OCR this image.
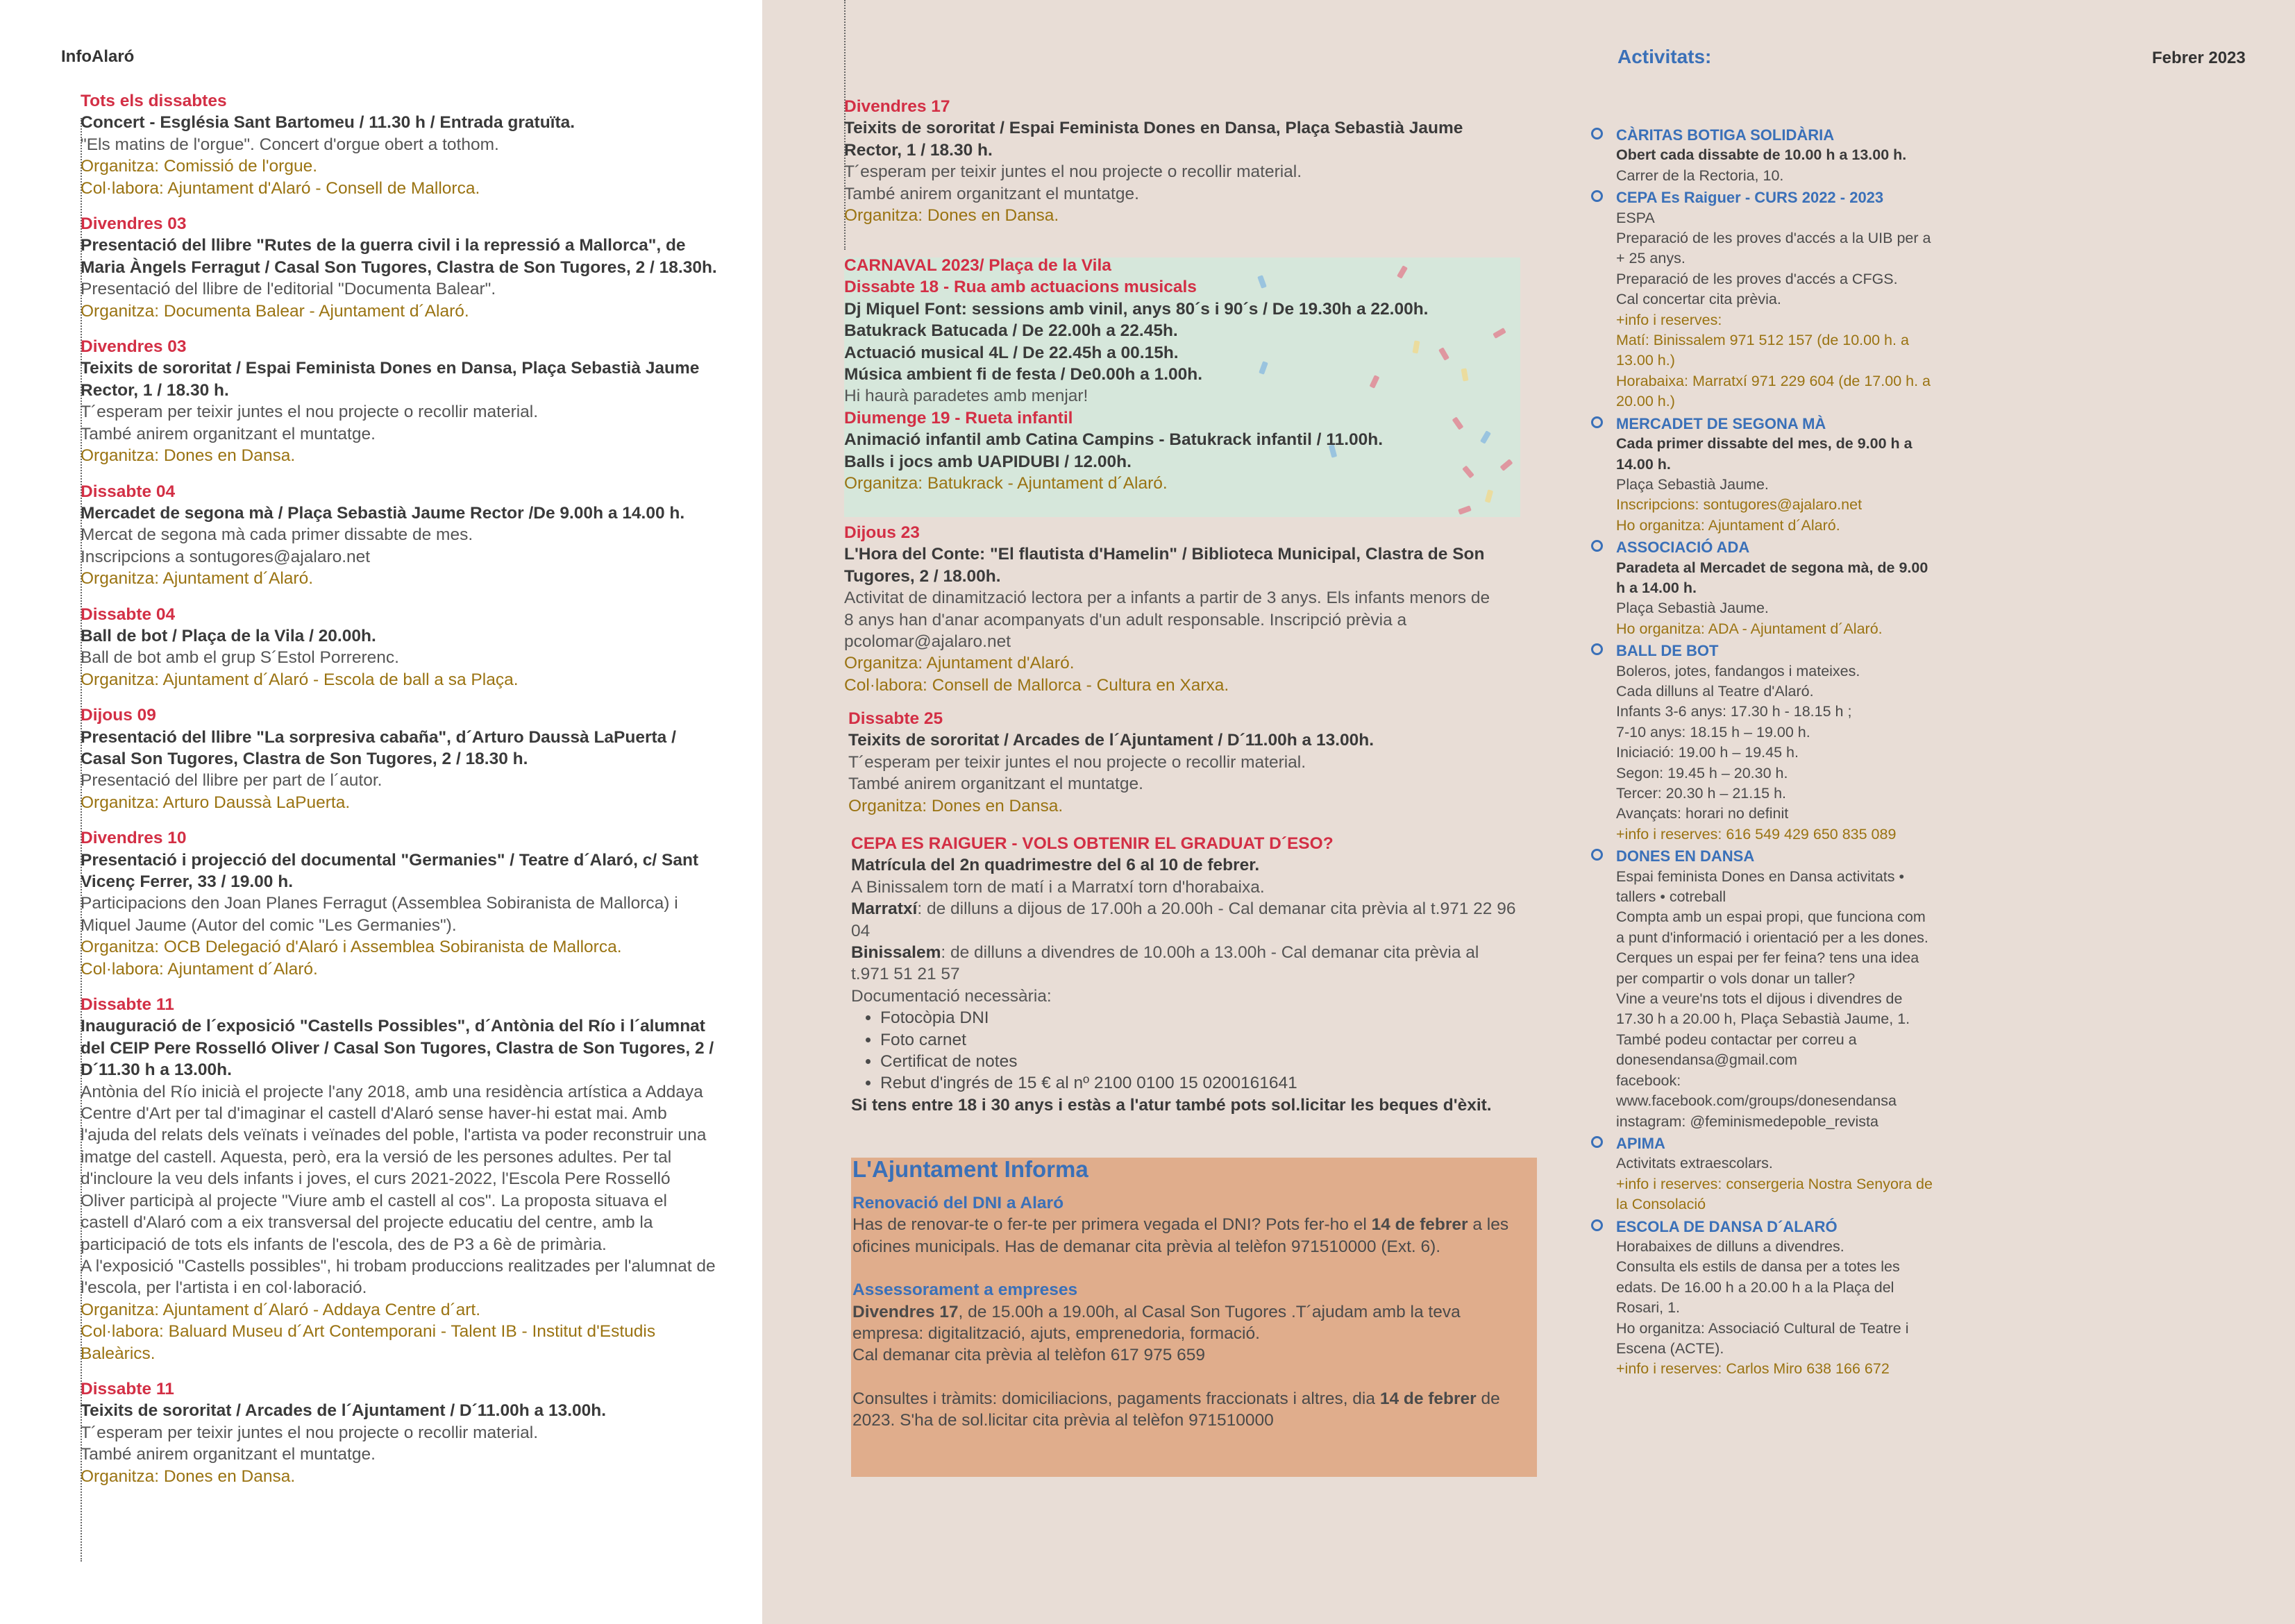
InfoAlaró	Activitats:	Febrer 2023
Tots els dissabtes
Concert - Església Sant Bartomeu / 11.30 h / Entrada gratuïta.
"Els matins de l'orgue". Concert d'orgue obert a tothom.
Organitza: Comissió de l'orgue.
Col·labora: Ajuntament d'Alaró - Consell de Mallorca.
Divendres 03
Presentació del llibre "Rutes de la guerra civil i la repressió a Mallorca", de Maria Àngels Ferragut / Casal Son Tugores, Clastra de Son Tugores, 2 / 18.30h.
Presentació del llibre de l'editorial "Documenta Balear".
Organitza: Documenta Balear - Ajuntament d´Alaró.
Divendres 03
Teixits de sororitat / Espai Feminista Dones en Dansa, Plaça Sebastià Jaume Rector, 1 / 18.30 h.
T´esperam per teixir juntes el nou projecte o recollir material.
També anirem organitzant el muntatge.
Organitza: Dones en Dansa.
Dissabte 04
Mercadet de segona mà / Plaça Sebastià Jaume Rector /De 9.00h a 14.00 h.
Mercat de segona mà cada primer dissabte de mes.
Inscripcions a sontugores@ajalaro.net
Organitza: Ajuntament d´Alaró.
Dissabte 04
Ball de bot / Plaça de la Vila / 20.00h.
Ball de bot amb el grup S´Estol Porrerenc.
Organitza: Ajuntament d´Alaró - Escola de ball a sa Plaça.
Dijous 09
Presentació del llibre "La sorpresiva cabaña", d´Arturo Daussà LaPuerta / Casal Son Tugores, Clastra de Son Tugores, 2 / 18.30 h.
Presentació del llibre per part de l´autor.
Organitza: Arturo Daussà LaPuerta.
Divendres 10
Presentació i projecció del documental "Germanies" / Teatre d´Alaró, c/ Sant Vicenç Ferrer, 33 / 19.00 h.
Participacions den Joan Planes Ferragut (Assemblea Sobiranista de Mallorca) i Miquel Jaume (Autor del comic "Les Germanies").
Organitza: OCB Delegació d'Alaró i Assemblea Sobiranista de Mallorca.
Col·labora: Ajuntament d´Alaró.
Dissabte 11
Inauguració de l´exposició "Castells Possibles", d´Antònia del Río i l´alumnat del CEIP Pere Rosselló Oliver / Casal Son Tugores, Clastra de Son Tugores, 2 / D´11.30 h a 13.00h.
Antònia del Río inicià el projecte l'any 2018, amb una residència artística a Addaya Centre d'Art per tal d'imaginar el castell d'Alaró sense haver-hi estat mai. Amb l'ajuda del relats dels veïnats i veïnades del poble, l'artista va poder reconstruir una imatge del castell. Aquesta, però, era la versió de les persones adultes. Per tal d'incloure la veu dels infants i joves, el curs 2021-2022, l'Escola Pere Rosselló Oliver participà al projecte "Viure amb el castell al cos". La proposta situava el castell d'Alaró com a eix transversal del projecte educatiu del centre, amb la participació de tots els infants de l'escola, des de P3 a 6è de primària.
A l'exposició "Castells possibles", hi trobam produccions realitzades per l'alumnat de l'escola, per l'artista i en col·laboració.
Organitza: Ajuntament d´Alaró - Addaya Centre d´art.
Col·labora: Baluard Museu d´Art Contemporani - Talent IB - Institut d'Estudis Baleàrics.
Dissabte 11
Teixits de sororitat / Arcades de l´Ajuntament / D´11.00h a 13.00h.
T´esperam per teixir juntes el nou projecte o recollir material.
També anirem organitzant el muntatge.
Organitza: Dones en Dansa.
Divendres 17
Teixits de sororitat / Espai Feminista Dones en Dansa, Plaça Sebastià Jaume Rector, 1 / 18.30 h.
T´esperam per teixir juntes el nou projecte o recollir material.
També anirem organitzant el muntatge.
Organitza: Dones en Dansa.
CARNAVAL 2023/ Plaça de la Vila
Dissabte 18 - Rua amb actuacions musicals
Dj Miquel Font: sessions amb vinil, anys 80´s i 90´s / De 19.30h a 22.00h.
Batukrack Batucada / De 22.00h a 22.45h.
Actuació musical 4L / De 22.45h a 00.15h.
Música ambient fi de festa / De0.00h a 1.00h.
Hi haurà paradetes amb menjar!
Diumenge 19 - Rueta infantil
Animació infantil amb Catina Campins - Batukrack infantil / 11.00h.
Balls i jocs amb UAPIDUBI / 12.00h.
Organitza: Batukrack - Ajuntament d´Alaró.
Dijous 23
L'Hora del Conte: "El flautista d'Hamelin" / Biblioteca Municipal, Clastra de Son Tugores, 2 / 18.00h.
Activitat de dinamització lectora per a infants a partir de 3 anys. Els infants menors de 8 anys han d'anar acompanyats d'un adult responsable. Inscripció prèvia a pcolomar@ajalaro.net
Organitza: Ajuntament d'Alaró.
Col·labora: Consell de Mallorca - Cultura en Xarxa.
Dissabte 25
Teixits de sororitat / Arcades de l´Ajuntament / D´11.00h a 13.00h.
T´esperam per teixir juntes el nou projecte o recollir material.
També anirem organitzant el muntatge.
Organitza: Dones en Dansa.
CEPA ES RAIGUER - VOLS OBTENIR EL GRADUAT D´ESO?
Matrícula del 2n quadrimestre del 6 al 10 de febrer.
A Binissalem torn de matí i a Marratxí torn d'horabaixa.
Marratxí: de dilluns a dijous de 17.00h a 20.00h - Cal demanar cita prèvia al t.971 22 96 04
Binissalem: de dilluns a divendres de 10.00h a 13.00h - Cal demanar cita prèvia al t.971 51 21 57
Documentació necessària:
• Fotocòpia DNI
• Foto carnet
• Certificat de notes
• Rebut d'ingrés de 15 € al nº 2100 0100 15 0200161641
Si tens entre 18 i 30 anys i estàs a l'atur també pots sol.licitar les beques d'èxit.
L'Ajuntament Informa
Renovació del DNI a Alaró
Has de renovar-te o fer-te per primera vegada el DNI? Pots fer-ho el 14 de febrer a les oficines municipals. Has de demanar cita prèvia al telèfon 971510000 (Ext. 6).
Assessorament a empreses
Divendres 17, de 15.00h a 19.00h, al Casal Son Tugores .T´ajudam amb la teva empresa: digitalització, ajuts, emprenedoria, formació.
Cal demanar cita prèvia al telèfon 617 975 659
Consultes i tràmits: domiciliacions, pagaments fraccionats i altres, dia 14 de febrer de 2023. S'ha de sol.licitar cita prèvia al telèfon 971510000
CÀRITAS BOTIGA SOLIDÀRIA
Obert cada dissabte de 10.00 h a 13.00 h.
Carrer de la Rectoria, 10.
CEPA Es Raiguer - CURS 2022 - 2023
ESPA
Preparació de les proves d'accés a la UIB per a + 25 anys.
Preparació de les proves d'accés a CFGS.
Cal concertar cita prèvia.
+info i reserves:
Matí: Binissalem 971 512 157 (de 10.00 h. a 13.00 h.)
Horabaixa: Marratxí 971 229 604 (de 17.00 h. a 20.00 h.)
MERCADET DE SEGONA MÀ
Cada primer dissabte del mes, de 9.00 h a 14.00 h.
Plaça Sebastià Jaume.
Inscripcions: sontugores@ajalaro.net
Ho organitza: Ajuntament d´Alaró.
ASSOCIACIÓ ADA
Paradeta al Mercadet de segona mà, de 9.00 h a 14.00 h.
Plaça Sebastià Jaume.
Ho organitza: ADA - Ajuntament d´Alaró.
BALL DE BOT
Boleros, jotes, fandangos i mateixes.
Cada dilluns al Teatre d'Alaró.
Infants 3-6 anys: 17.30 h - 18.15 h ;
7-10 anys: 18.15 h – 19.00 h.
Iniciació: 19.00 h – 19.45 h.
Segon: 19.45 h – 20.30 h.
Tercer: 20.30 h – 21.15 h.
Avançats: horari no definit
+info i reserves: 616 549 429 650 835 089
DONES EN DANSA
Espai feminista Dones en Dansa activitats • tallers • cotreball
Compta amb un espai propi, que funciona com a punt d'informació i orientació per a les dones.
Cerques un espai per fer feina? tens una idea per compartir o vols donar un taller?
Vine a veure'ns tots el dijous i divendres de 17.30 h a 20.00 h, Plaça Sebastià Jaume, 1.
També podeu contactar per correu a donesendansa@gmail.com
facebook: www.facebook.com/groups/donesendansa
instagram: @feminismedepoble_revista
APIMA
Activitats extraescolars.
+info i reserves: consergeria Nostra Senyora de la Consolació
ESCOLA DE DANSA D´ALARÓ
Horabaixes de dilluns a divendres.
Consulta els estils de dansa per a totes les edats. De 16.00 h a 20.00 h a la Plaça del Rosari, 1.
Ho organitza: Associació Cultural de Teatre i Escena (ACTE).
+info i reserves: Carlos Miro 638 166 672
